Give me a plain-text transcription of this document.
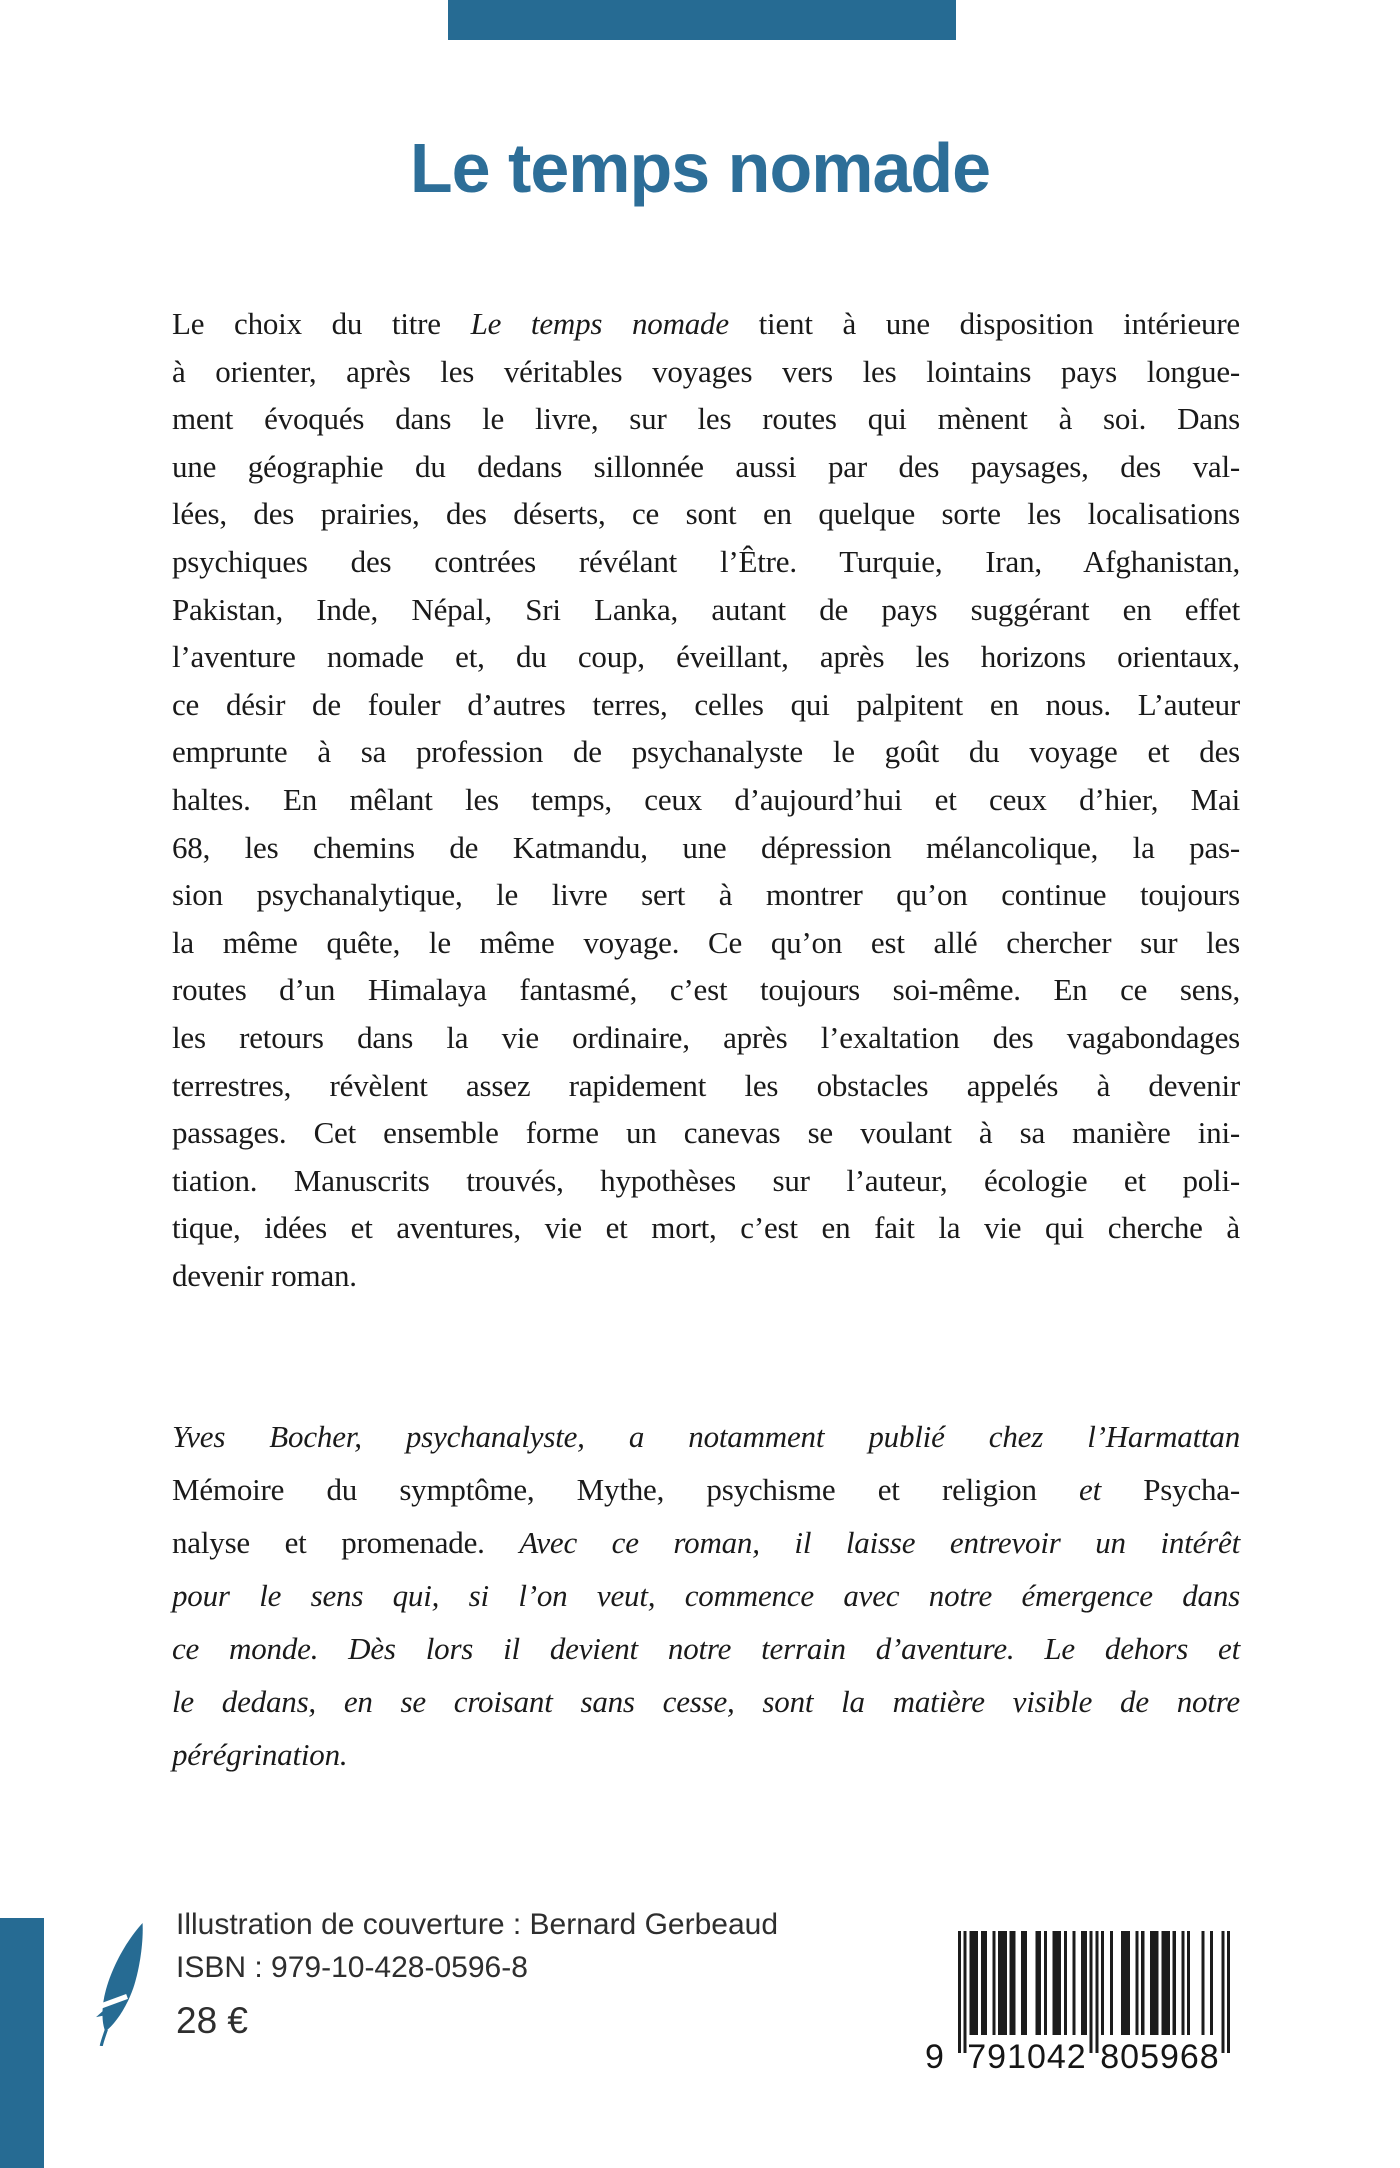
Le temps nomade
Le choix du titre Le temps nomade tient à une disposition intérieure
à orienter, après les véritables voyages vers les lointains pays longue-
ment évoqués dans le livre, sur les routes qui mènent à soi. Dans
une géographie du dedans sillonnée aussi par des paysages, des val-
lées, des prairies, des déserts, ce sont en quelque sorte les localisations
psychiques des contrées révélant l’Être. Turquie, Iran, Afghanistan,
Pakistan, Inde, Népal, Sri Lanka, autant de pays suggérant en effet
l’aventure nomade et, du coup, éveillant, après les horizons orientaux,
ce désir de fouler d’autres terres, celles qui palpitent en nous. L’auteur
emprunte à sa profession de psychanalyste le goût du voyage et des
haltes. En mêlant les temps, ceux d’aujourd’hui et ceux d’hier, Mai
68, les chemins de Katmandu, une dépression mélancolique, la pas-
sion psychanalytique, le livre sert à montrer qu’on continue toujours
la même quête, le même voyage. Ce qu’on est allé chercher sur les
routes d’un Himalaya fantasmé, c’est toujours soi-même. En ce sens,
les retours dans la vie ordinaire, après l’exaltation des vagabondages
terrestres, révèlent assez rapidement les obstacles appelés à devenir
passages. Cet ensemble forme un canevas se voulant à sa manière ini-
tiation. Manuscrits trouvés, hypothèses sur l’auteur, écologie et poli-
tique, idées et aventures, vie et mort, c’est en fait la vie qui cherche à
devenir roman.
Yves Bocher, psychanalyste, a notamment publié chez l’Harmattan
Mémoire du symptôme, Mythe, psychisme et religion et Psycha-
nalyse et promenade. Avec ce roman, il laisse entrevoir un intérêt
pour le sens qui, si l’on veut, commence avec notre émergence dans
ce monde. Dès lors il devient notre terrain d’aventure. Le dehors et
le dedans, en se croisant sans cesse, sont la matière visible de notre
pérégrination.
Illustration de couverture : Bernard Gerbeaud
ISBN : 979-10-428-0596-8
28 €
9 791042 805968
